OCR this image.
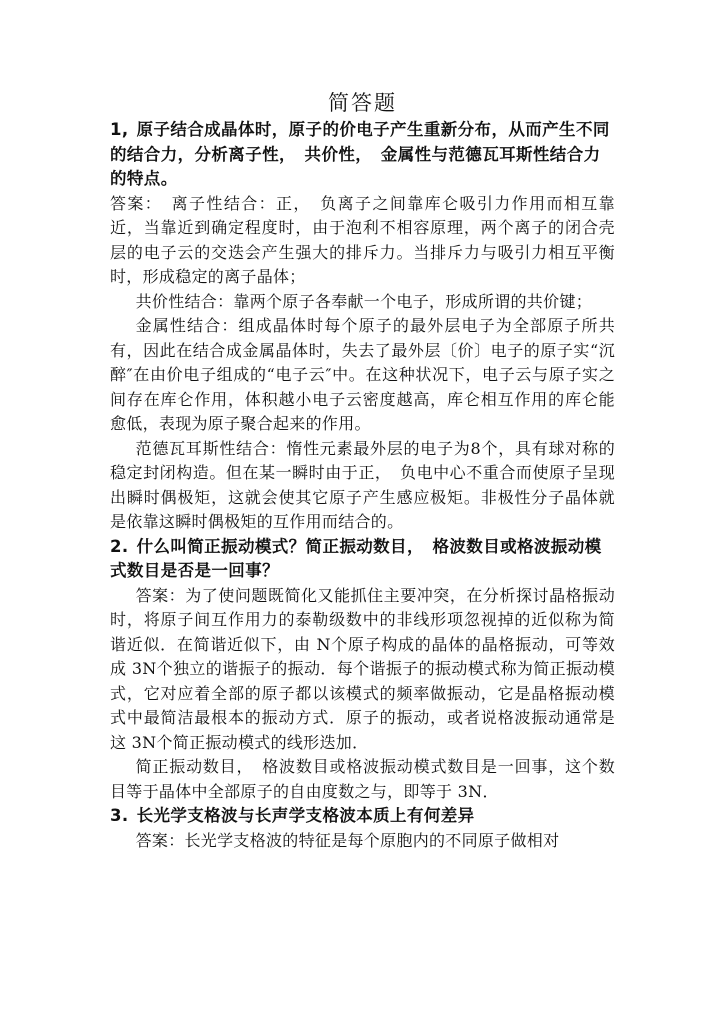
简答题

1, 原子结合成晶体时，原子的价电子产生重新分布，从而产生不同的结合力，分析离子性，　共价性，　金属性与范德瓦耳斯性结合力的特点。

答案：　离子性结合：正，　负离子之间靠库仑吸引力作用而相互靠近，当靠近到确定程度时，由于泡利不相容原理，两个离子的闭合壳层的电子云的交迭会产生强大的排斥力。当排斥力与吸引力相互平衡时，形成稳定的离子晶体；

共价性结合：靠两个原子各奉献一个电子，形成所谓的共价键；

金属性结合：组成晶体时每个原子的最外层电子为全部原子所共有，因此在结合成金属晶体时，失去了最外层〔价〕电子的原子实“沉醉″在由价电子组成的“电子云″中。在这种状况下，电子云与原子实之间存在库仑作用，体积越小电子云密度越高，库仑相互作用的库仑能愈低，表现为原子聚合起来的作用。

范德瓦耳斯性结合：惰性元素最外层的电子为8个，具有球对称的稳定封闭构造。但在某一瞬时由于正，　负电中心不重合而使原子呈现出瞬时偶极矩，这就会使其它原子产生感应极矩。非极性分子晶体就是依靠这瞬时偶极矩的互作用而结合的。

2. 什么叫简正振动模式？简正振动数目，　格波数目或格波振动模式数目是否是一回事？

答案：为了使问题既简化又能抓住主要冲突，在分析探讨晶格振动时，将原子间互作用力的泰勒级数中的非线形项忽视掉的近似称为简谐近似．在简谐近似下，由 N个原子构成的晶体的晶格振动，可等效成 3N个独立的谐振子的振动．每个谐振子的振动模式称为简正振动模式，它对应着全部的原子都以该模式的频率做振动，它是晶格振动模式中最简洁最根本的振动方式．原子的振动，或者说格波振动通常是这 3N个简正振动模式的线形迭加．

简正振动数目，　格波数目或格波振动模式数目是一回事，这个数目等于晶体中全部原子的自由度数之与，即等于 3N．

3. 长光学支格波与长声学支格波本质上有何差异

答案：长光学支格波的特征是每个原胞内的不同原子做相对
